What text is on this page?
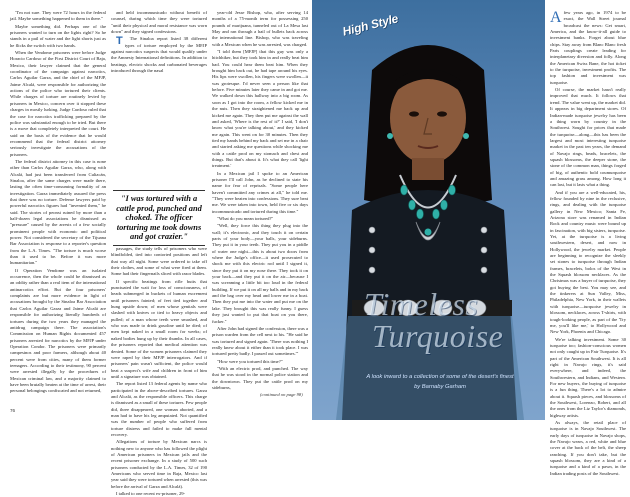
"I'm not sure. They were 72 hours in the federal jail. Maybe something happened to them in there."

Maybe something did. Perhaps one of the prisoners wanted to turn on the lights right? So he stands in a pail of water and the light shorts just as he flicks the switch with two hands.

When the Vendome prisoners were before Judge Horacio Cardoso of the First District Court of Baja, Mexico, their lawyer claimed that the general coordinator of the campaign against narcotics, Carlos Aguilar Garza, and the chief of the MFJP, Jaime Alcalá, were responsible for authorizing the actions of the police who tortured their clients. While charges of torture are routinely levied by prisoners in Mexico, concern over it stopped these charges in mostly lurking. Judge Cardoso ruled that the case for narcotics trafficking prepared by the police was substantial enough to be tried. But there is a move that completely interpreted the court. He said on the basis of the evidence that he would recommend that the federal district attorney seriously investigate the accusations of the prisoners.

The federal district attorney in this case is none other than Carlos Aguilar Garza, who, along with Alcalá, had just been transferred from Culiacán, Sinaloa, after the same charges were made there, lasting the often time-consuming formality of an investigation. Garza immediately assured the press that there was no torture. Defense lawyers paid by powerful narcotics figures had "invented them," he said. The stories of peonst ruined by more than a half-dozen legal associations he dismissed as "pressure" caused by the arrests of a few socially prominent people with economic and political power. Not considered the secretary of the Tijuana Bar Association is response to a reporter's question from the L.A. Times. "The torture is much worse than it used to be. Before it was more humanitarian."

If Operation Vendome was an isolated occurrence, then the whole could be dismissed as an oddity rather than a real item of the international antinarcotics effort. But the four prisoners' complaints are but more evidence in light of accusations brought by the Sinaloa Bar Association that Carlos Aguilar Garza and Jaime Alcalá are responsible for authorizing literally hundreds of tortures during the two years they managed the antidrug campaign there. The association's Commission on Human Rights documented 457 prisoners arrested for narcotics by the MFJP under Operation Condor. The prisoners were primarily campesinos and poor farmers, although about 40 percent were from cities, many of them former teenagers. According to their testimony, 90 percent were arrested illegally by the procedures of Mexican criminal law, and a majority claimed to have been brutally beaten at the time of arrest, their personal belongings confiscated and not returned,

and held incommunicado without benefit of counsel, during which time they were tortured "until their physical and moral resistance was worn down" and they signed confessions.

T The Sinaloa report listed 38 different types of torture employed by the MFJP against narcotics suspects that would qualify under the Amnesty International definitions. In addition to beatings, electric shocks and carbonated beverages introduced through the nasal

"I was tortured with a cattle prod, punched and choked. The officer torturing me took downs and got crazier."

passages, the study tells of prisoners who were blindfolded, tied into contorted positions and left that way all night. Some were ordered to take off their clothes, and some of what were fired at them. Some had their fingernails sliced with razor blades.

If specific beatings from rifle butts that punctuated the wait for loss of consciousness, of heads submerged in buckets of human excrement until prisoners fainted; of feet tied together and hung upside down; of men whose genitals were slashed with knives or tied to heavy objects and pulled; of a man whose teeth were smashed, and who was made to drink gasoline until he died; of men kept naked in a small room for weeks; of naked bodies hung up by their thumbs. In all cases, the prisoners reported that medical attention was denied. Some of the women prisoners claimed they were raped by their MFJP interrogators. And if prisoners' pain wasn't sufficient, the police would beat a suspect's wife and children in front of him until a signature was obtained.

The report listed 13 federal agents by name who participated in the above-described tortures. Garza and Alcalá, as the responsible officers. This charge is dismissed as a small of these tortures. Few people did, three disappeared, one woman aborted, and a man had to have his leg amputated. Not quantified was the number of people who suffered from torture distress and failed to make full mental recovery.

Allegations of torture by Mexican narcs is nothing new to anyone who has followed the plight of American prisoners in Mexican jails and the recent prisoner exchange. In a study of 500 such prisoners conducted by the L.A. Times, 32 of 190 Americans who served time in Baja, Mexico last year said they were tortured when arrested (this was before the arrival of Garza and Alcalá).

I talked to one recent ex-prisoner, 29-

year-old Jesse Bishop, who, after serving 14 months of a 75-month term for possessing 250 pounds of marijuana, tunneled out of La Mesa last May and ran through a hail of bullets back across the international line. Bishop, who was traveling with a Mexican when he was arrested, was charged.

"I told them [MFJP] that this guy was only a hitchhiker, but they took him in and really beat him bad. You could hear them beat him. When they brought him back out, he had tape around his eyes. His lips were swollen, his fingers were swollen—it was grotesque. I'd never seen a person like that before. Five minutes later they came in and got me. We walked down this hallway into a big room. As soon as I got into the room, a fellow kicked me in the nuts. Then they straightened me back up and kicked me again. They then put me against the wall and asked, 'Where is the rest of it?' I said, 'I don't know what you're talking about,' and they kicked me again. This went on for 30 minutes. Then they tied my hands behind my back and set me in a chair and started asking me questions while shocking me with a cattle prod on my stomach and chest and things. But that's about it. It's what they call 'light treatment.'

In a Mexican jail I spoke to an American prisoner I'll call John, as he declined to state his name for fear of reprisals. "Some people here haven't committed any crimes at all," he told me. "They were beaten into confessions. They sure beat me. We were taken into town, held five or six days incommunicado and tortured during this time."

"What do you mean tortured?"

"Well, they force this thing they plug into the wall; it's electronic, and they touch it on certain parts of your body—your balls, your sideburns. They put it in your teeth. They put you in a piddle of water one night—this is about two doors from where the Judge's office—it used prosecuted to shock me with this electric rod until I signed it, since they put it on my nose there. They took it on your back—and they put it on the air—because I was screaming a little bit too loud in the federal building. If we put it on all my balls and in my back and the bag over my head and lower me in a boat. Then they put me into the water and put me on the lake. They brought this was really funny. I guess they just wanted to put that boat on you there, fucker."

After John had signed the confession, there was a prison warden from the cell next to his. "He said he was tortured and signed again. 'There was nothing I really knew about it either than it took place. I was tortured pretty badly. I passed out sometimes.'"

"How were you tortured this time?"

"With an electric prod, and punched. The way that he was stood in the normal police station and the downtown. They put the cattle prod on my sideburns,

(continued on page 98)
76
High Style
Timeless
Turquoise
A look inward to a collection of some of the desert's finest
by Barnaby Garham

Afew years ago, in 1974 to be exact, the Wall Street journal broadcast the news: Get smart, America, and the know-it-all guide to investment banks. Forget about blue chips. Stay away from Blanc Blanc fresh Paris couplings create leading for interplanetary diversion and folly. Along the American Swiss Bane, the hot ticket to the turquoise, investment profits. The top fashion and investment was turquoise.

Of course, the market hasn't really improved that much. It follows that trend. The value went up, the market did. It appears in big department stores. Of Indian-made turquoise jewelry has been a thing worn by country in the Southwest. Sought for prices that made the turquoise—along—this has been the largest and most interesting turquoise market in the past ten years, the demand of Navajo rings, beads, bracelets, the squash blossoms, the deeper stone, the stone of the common man, things forged of big, of authentic bold coumurquoise and amazing grass among. How long it can last, but it lasts what a thing.

And if you are a well-educated, his, fellow founded by nine in the reclusive, rings, and dealing with the turquoise gallery in New Mexico; Santa Fe, Arizona store was renamed in Indian Rock and country music were bound up in fascination, with big sisters, turquoise. Yet, at the turquoise is a living southwestern, desert, and now in Hollywood, the jewelry market. People are beginning to recognize the sleekly set stones to turquoise through Indian frames, bracelets, bolos of the West in the Squash blossom necklaces. As the Christmas was a buyer of turquoise, they got buying the best. You may see, and the tinkerers at Sun Valley, Miss, Philadelphia, New York, in their wallets with turquoise—turquoise jewelry in blossom, necklaces, across T-shirts, with tough-looking people, as part of the 'Try me, you'll like me,' to Hollywood and New York, Phoenix and Chicago.

We're talking investment. Some 30 turquoise too; fashion-conscious women not only caught up in Fair Turquoise. It's part of the American Southwest. It is all right in Navajo rings, it's said everywhere, and indeed, the Southwestern, and Indians, and Western. For new buyers, the buying of turquoise is a fun thing. There's a lot to admire about it. Squash pieces, and blossoms of the Southwest, Lorenzo, Robert, and all the ones from the Liz Taylor's diamonds, highway artists.

As always, the retail place of turquoise is in Navajo Southwest. The early days of turquoise in Navajo shops, the Navajo wears, a red, white and blue cover at the back of the belt, the sheep ranching. If you don't take, but the squash blossom, they are a kind of a turquoise and a kind of a pawn, in the Indian trading posts of the Southwest.
